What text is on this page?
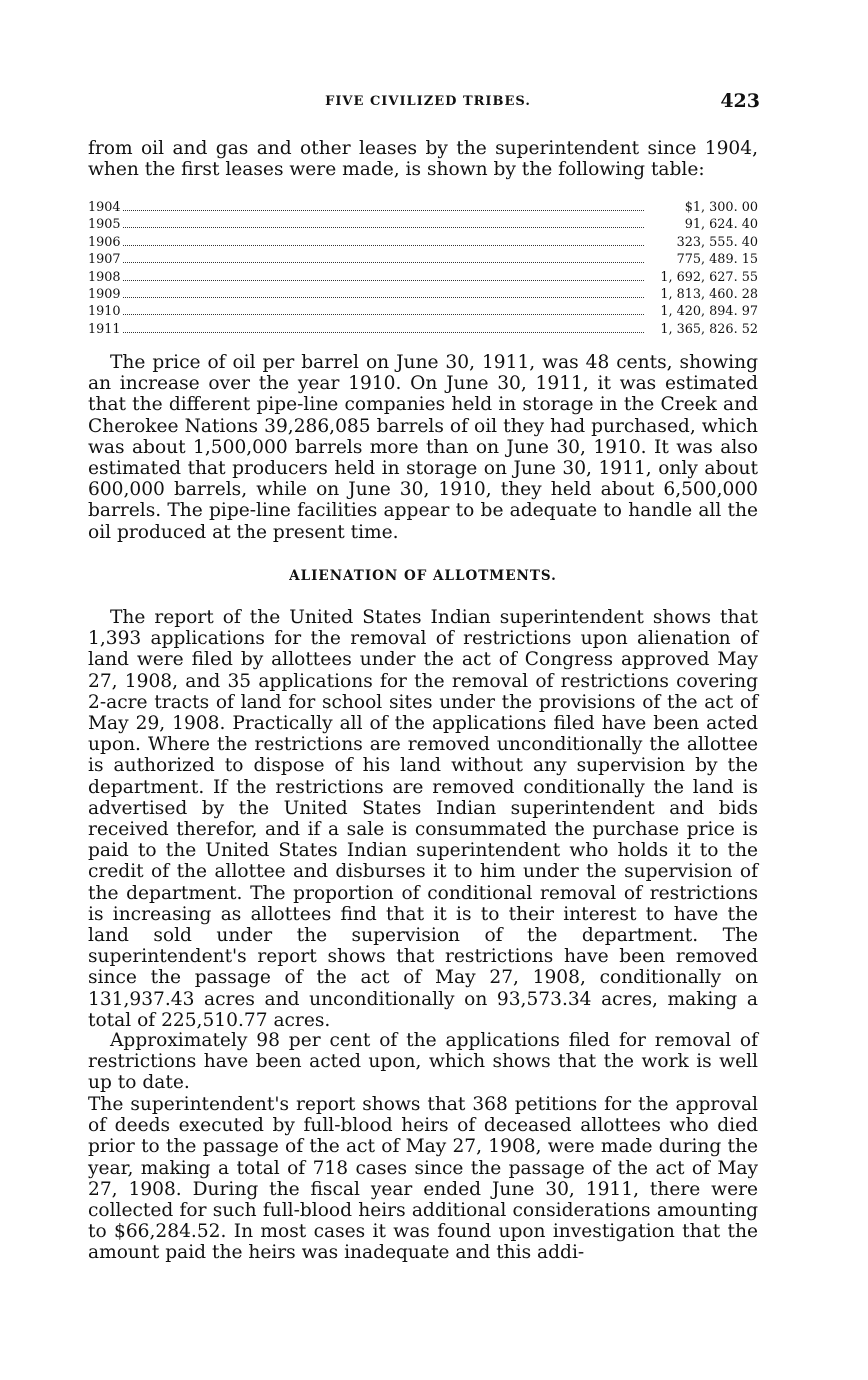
FIVE CIVILIZED TRIBES.	423

from oil and gas and other leases by the superintendent since 1904, when the first leases were made, is shown by the following table:

1904	$1, 300. 00
1905	91, 624. 40
1906	323, 555. 40
1907	775, 489. 15
1908	1, 692, 627. 55
1909	1, 813, 460. 28
1910	1, 420, 894. 97
1911	1, 365, 826. 52

The price of oil per barrel on June 30, 1911, was 48 cents, showing an increase over the year 1910. On June 30, 1911, it was estimated that the different pipe-line companies held in storage in the Creek and Cherokee Nations 39,286,085 barrels of oil they had purchased, which was about 1,500,000 barrels more than on June 30, 1910. It was also estimated that producers held in storage on June 30, 1911, only about 600,000 barrels, while on June 30, 1910, they held about 6,500,000 barrels. The pipe-line facilities appear to be adequate to handle all the oil produced at the present time.

ALIENATION OF ALLOTMENTS.

The report of the United States Indian superintendent shows that 1,393 applications for the removal of restrictions upon alienation of land were filed by allottees under the act of Congress approved May 27, 1908, and 35 applications for the removal of restrictions covering 2-acre tracts of land for school sites under the provisions of the act of May 29, 1908. Practically all of the applications filed have been acted upon. Where the restrictions are removed unconditionally the allottee is authorized to dispose of his land without any supervision by the department. If the restrictions are removed conditionally the land is advertised by the United States Indian superintendent and bids received therefor, and if a sale is consummated the purchase price is paid to the United States Indian superintendent who holds it to the credit of the allottee and disburses it to him under the supervision of the department. The proportion of conditional removal of restrictions is increasing as allottees find that it is to their interest to have the land sold under the supervision of the department. The superintendent's report shows that restrictions have been removed since the passage of the act of May 27, 1908, conditionally on 131,937.43 acres and unconditionally on 93,573.34 acres, making a total of 225,510.77 acres.

Approximately 98 per cent of the applications filed for removal of restrictions have been acted upon, which shows that the work is well up to date.

The superintendent's report shows that 368 petitions for the approval of deeds executed by full-blood heirs of deceased allottees who died prior to the passage of the act of May 27, 1908, were made during the year, making a total of 718 cases since the passage of the act of May 27, 1908. During the fiscal year ended June 30, 1911, there were collected for such full-blood heirs additional considerations amounting to $66,284.52. In most cases it was found upon investigation that the amount paid the heirs was inadequate and this addi-
